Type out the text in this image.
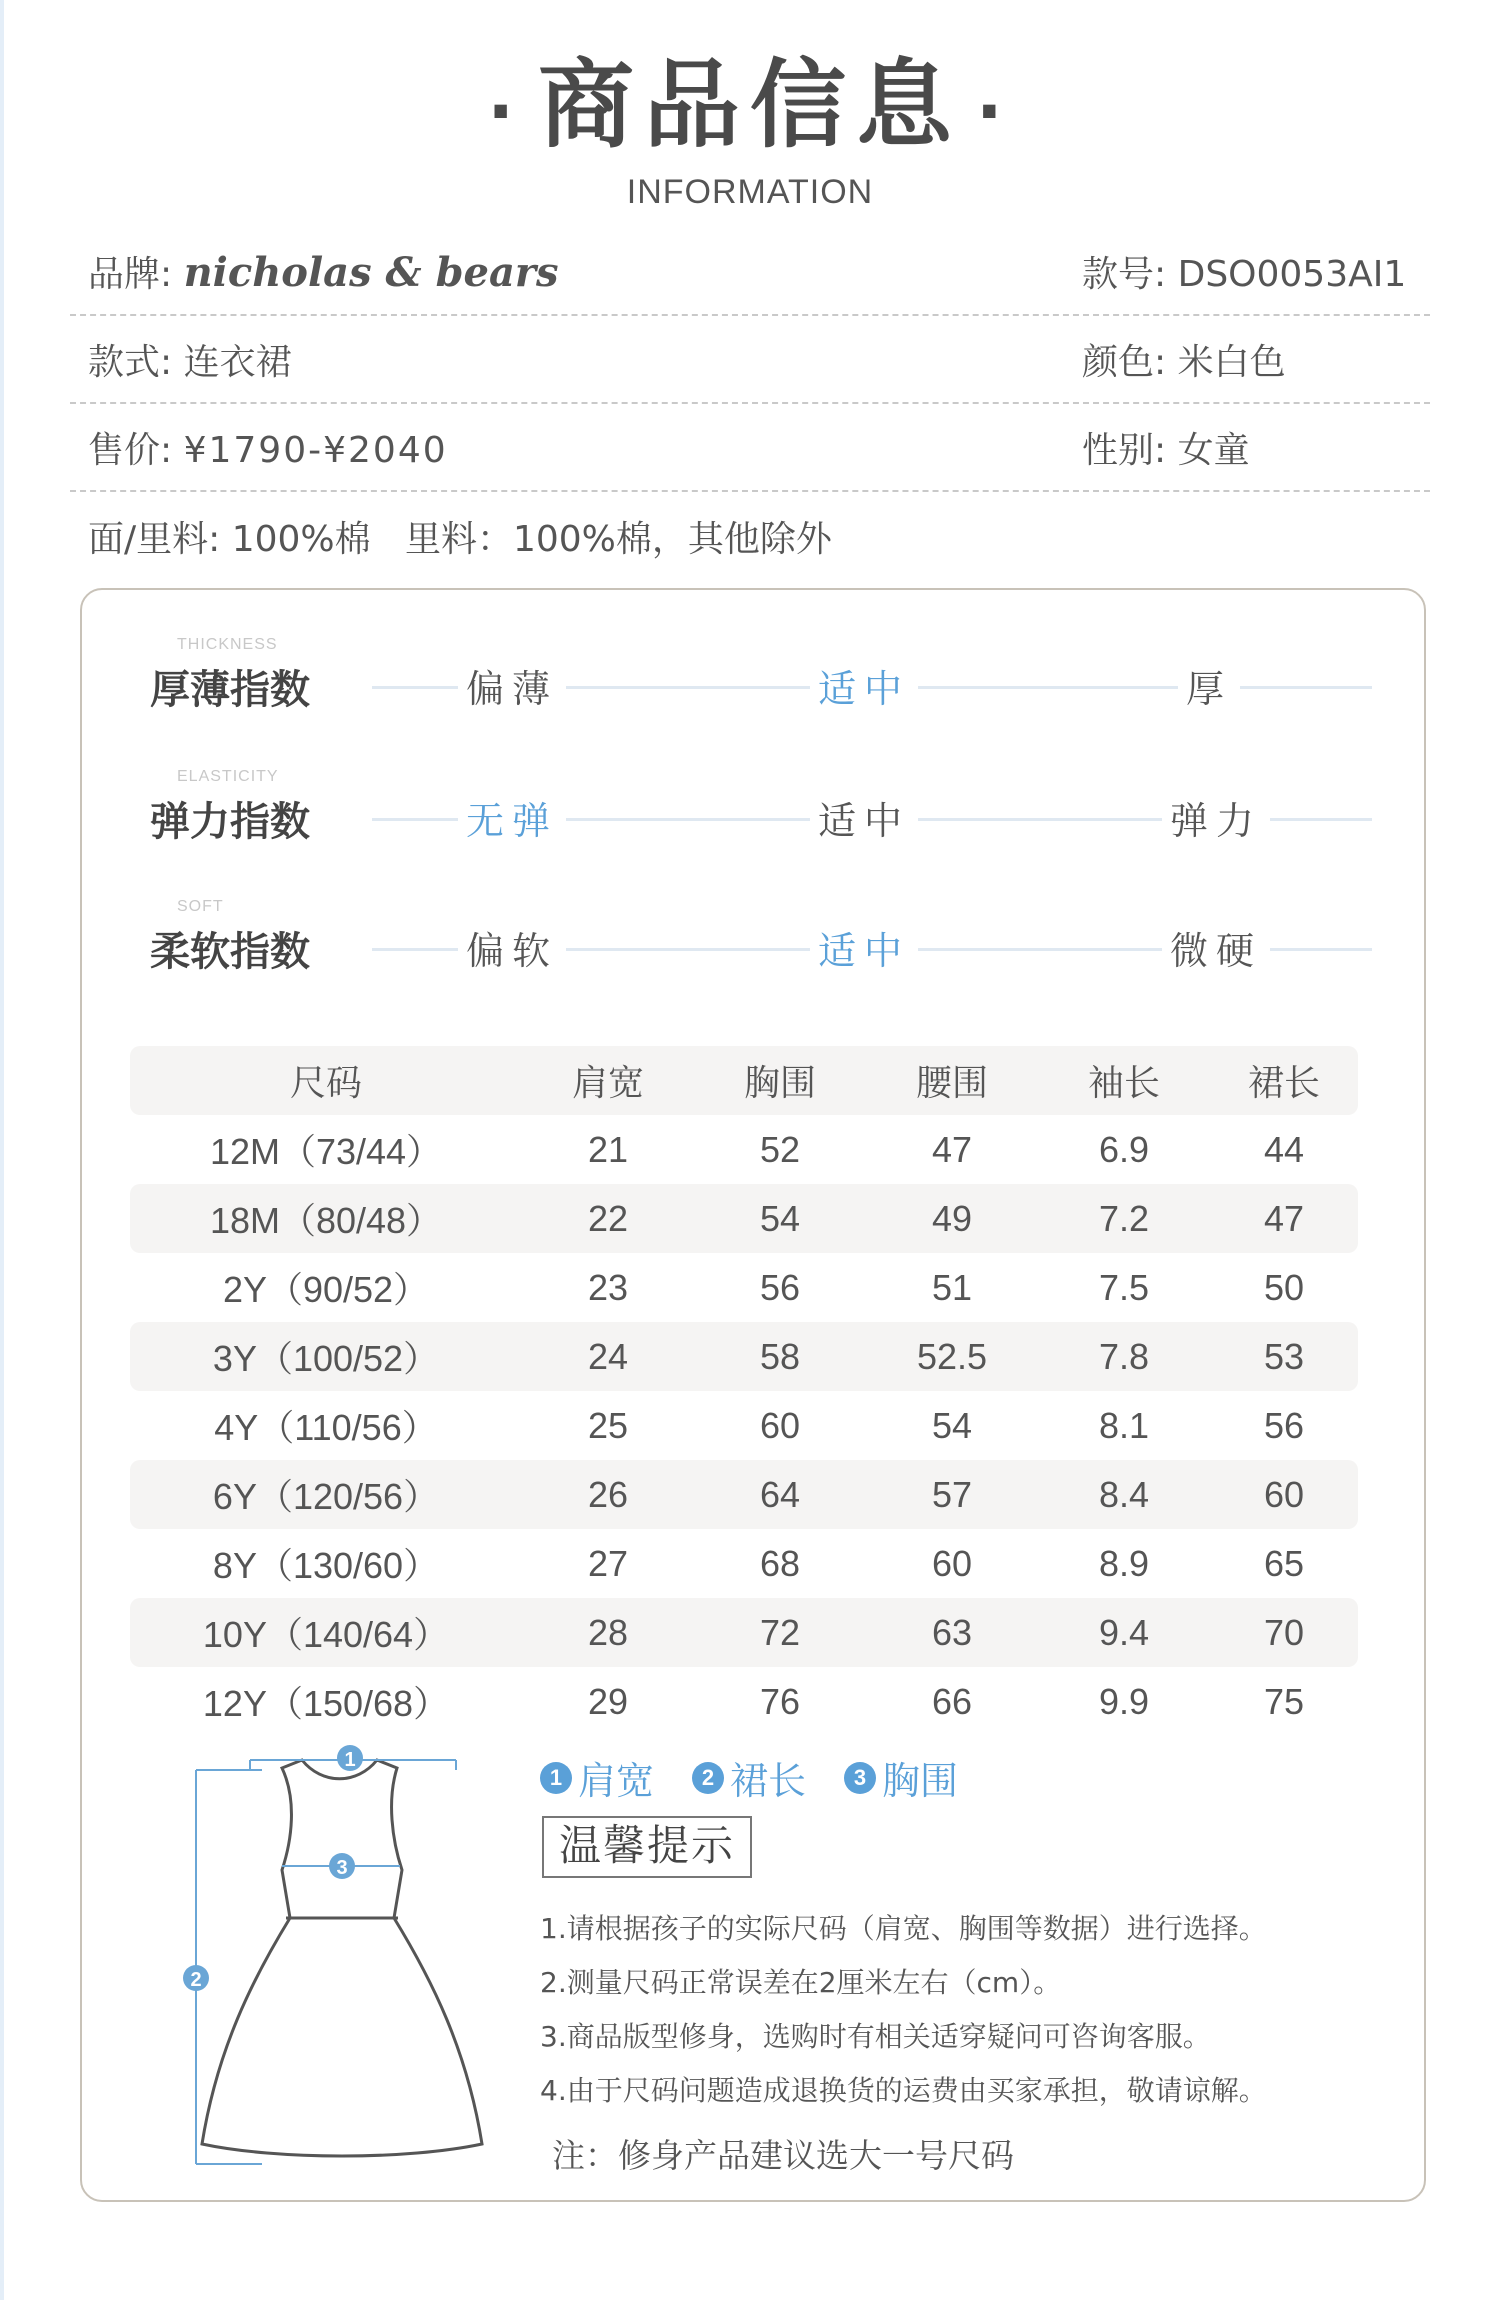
· 商品信息 ·
INFORMATION
品牌: nicholas & bears	款号: DSO0053AI1
款式: 连衣裙	颜色: 米白色
售价: ¥1790-¥2040	性别: 女童
面/里料: 100%棉   里料：100%棉，其他除外
THICKNESS
厚薄指数	偏薄	适中	厚
ELASTICITY
弹力指数	无弹	适中	弹力
SOFT
柔软指数	偏软	适中	微硬
尺码	肩宽	胸围	腰围	袖长	裙长
12M（73/44）	21	52	47	6.9	44
18M（80/48）	22	54	49	7.2	47
2Y（90/52）	23	56	51	7.5	50
3Y（100/52）	24	58	52.5	7.8	53
4Y（110/56）	25	60	54	8.1	56
6Y（120/56）	26	64	57	8.4	60
8Y（130/60）	27	68	60	8.9	65
10Y（140/64）	28	72	63	9.4	70
12Y（150/68）	29	76	66	9.9	75
1
2
3
1 肩宽	2 裙长	3 胸围
温馨提示
1.请根据孩子的实际尺码（肩宽、胸围等数据）进行选择。
2.测量尺码正常误差在2厘米左右（cm）。
3.商品版型修身，选购时有相关适穿疑问可咨询客服。
4.由于尺码问题造成退换货的运费由买家承担，敬请谅解。
注：修身产品建议选大一号尺码
